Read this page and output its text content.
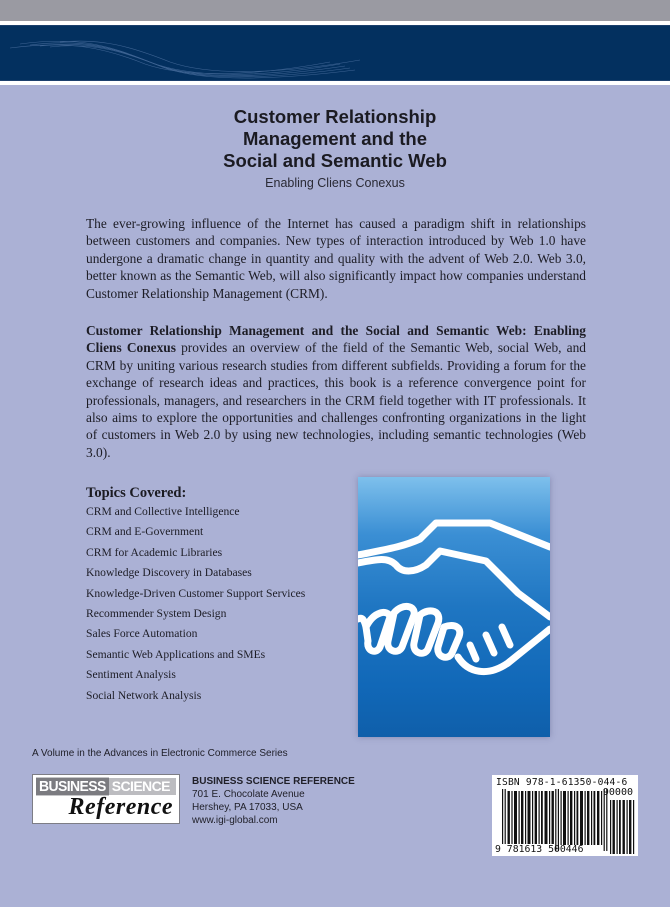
Customer Relationship
Management and the
Social and Semantic Web
Enabling Cliens Conexus

The ever-growing influence of the Internet has caused a paradigm shift in relationships between customers and companies. New types of interaction introduced by Web 1.0 have undergone a dramatic change in quantity and quality with the advent of Web 2.0. Web 3.0, better known as the Semantic Web, will also significantly impact how companies understand Customer Relationship Management (CRM).

Customer Relationship Management and the Social and Semantic Web: Enabling Cliens Conexus provides an overview of the field of the Semantic Web, social Web, and CRM by uniting various research studies from different subfields. Providing a forum for the exchange of research ideas and practices, this book is a reference convergence point for professionals, managers, and researchers in the CRM field together with IT professionals. It also aims to explore the opportunities and challenges confronting organizations in the light of customers in Web 2.0 by using new technologies, including semantic technologies (Web 3.0).

Topics Covered:
CRM and Collective Intelligence
CRM and E-Government
CRM for Academic Libraries
Knowledge Discovery in Databases
Knowledge-Driven Customer Support Services
Recommender System Design
Sales Force Automation
Semantic Web Applications and SMEs
Sentiment Analysis
Social Network Analysis
A Volume in the Advances in Electronic Commerce Series
BUSINESS SCIENCE
Reference
BUSINESS SCIENCE REFERENCE
701 E. Chocolate Avenue
Hershey, PA 17033, USA
www.igi-global.com
ISBN 978-1-61350-044-6
90000
9 781613 500446
